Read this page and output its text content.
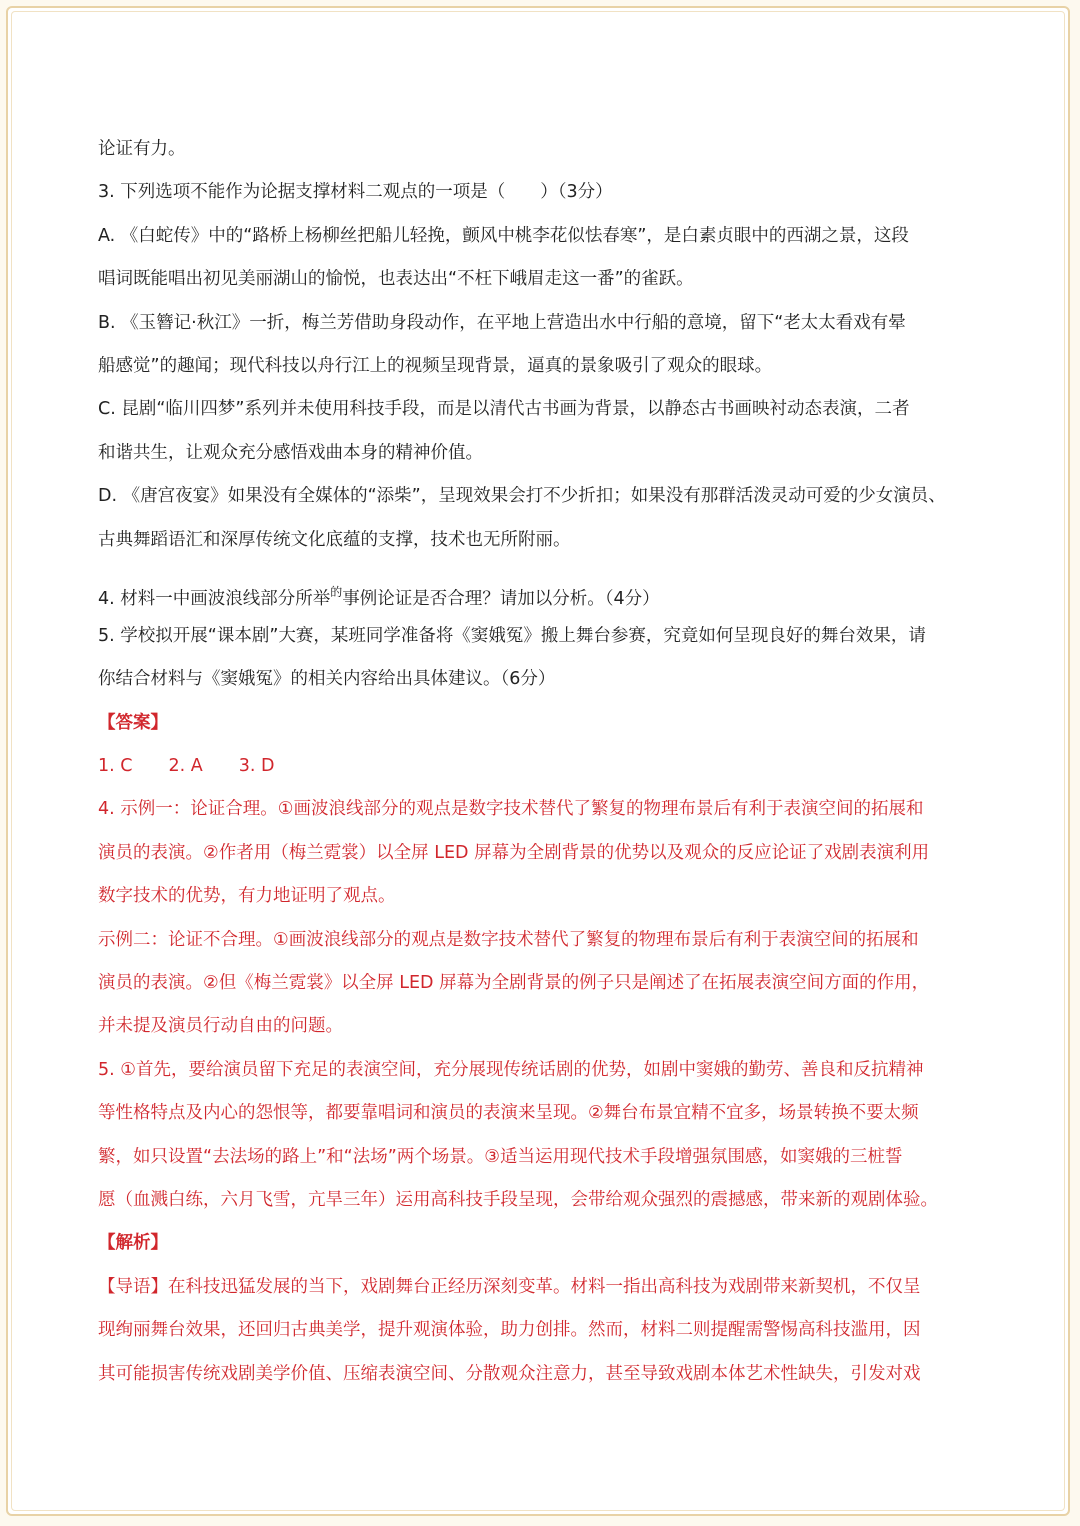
论证有力。
3. 下列选项不能作为论据支撑材料二观点的一项是（　　）（3分）
A. 《白蛇传》中的“路桥上杨柳丝把船儿轻挽，颤风中桃李花似怯春寒”，是白素贞眼中的西湖之景，这段
唱词既能唱出初见美丽湖山的愉悦，也表达出“不枉下峨眉走这一番”的雀跃。
B. 《玉簪记·秋江》一折，梅兰芳借助身段动作，在平地上营造出水中行船的意境，留下“老太太看戏有晕
船感觉”的趣闻；现代科技以舟行江上的视频呈现背景，逼真的景象吸引了观众的眼球。
C. 昆剧“临川四梦”系列并未使用科技手段，而是以清代古书画为背景，以静态古书画映衬动态表演，二者
和谐共生，让观众充分感悟戏曲本身的精神价值。
D. 《唐宫夜宴》如果没有全媒体的“添柴”，呈现效果会打不少折扣；如果没有那群活泼灵动可爱的少女演员、
古典舞蹈语汇和深厚传统文化底蕴的支撑，技术也无所附丽。
4. 材料一中画波浪线部分所举$^的$事例论证是否合理？请加以分析。（4分）
5. 学校拟开展“课本剧”大赛，某班同学准备将《窦娥冤》搬上舞台参赛，究竟如何呈现良好的舞台效果，请
你结合材料与《窦娥冤》的相关内容给出具体建议。（6分）
【答案】
1. C 2. A 3. D
4. 示例一：论证合理。①画波浪线部分的观点是数字技术替代了繁复的物理布景后有利于表演空间的拓展和
演员的表演。②作者用（梅兰霓裳）以全屏 LED 屏幕为全剧背景的优势以及观众的反应论证了戏剧表演利用
数字技术的优势，有力地证明了观点。
示例二：论证不合理。①画波浪线部分的观点是数字技术替代了繁复的物理布景后有利于表演空间的拓展和
演员的表演。②但《梅兰霓裳》以全屏 LED 屏幕为全剧背景的例子只是阐述了在拓展表演空间方面的作用，
并未提及演员行动自由的问题。
5. ①首先，要给演员留下充足的表演空间，充分展现传统话剧的优势，如剧中窦娥的勤劳、善良和反抗精神
等性格特点及内心的怨恨等，都要靠唱词和演员的表演来呈现。②舞台布景宜精不宜多，场景转换不要太频
繁，如只设置“去法场的路上”和“法场”两个场景。③适当运用现代技术手段增强氛围感，如窦娥的三桩誓
愿（血溅白练，六月飞雪，亢旱三年）运用高科技手段呈现，会带给观众强烈的震撼感，带来新的观剧体验。
【解析】
【导语】在科技迅猛发展的当下，戏剧舞台正经历深刻变革。材料一指出高科技为戏剧带来新契机，不仅呈
现绚丽舞台效果，还回归古典美学，提升观演体验，助力创排。然而，材料二则提醒需警惕高科技滥用，因
其可能损害传统戏剧美学价值、压缩表演空间、分散观众注意力，甚至导致戏剧本体艺术性缺失，引发对戏
